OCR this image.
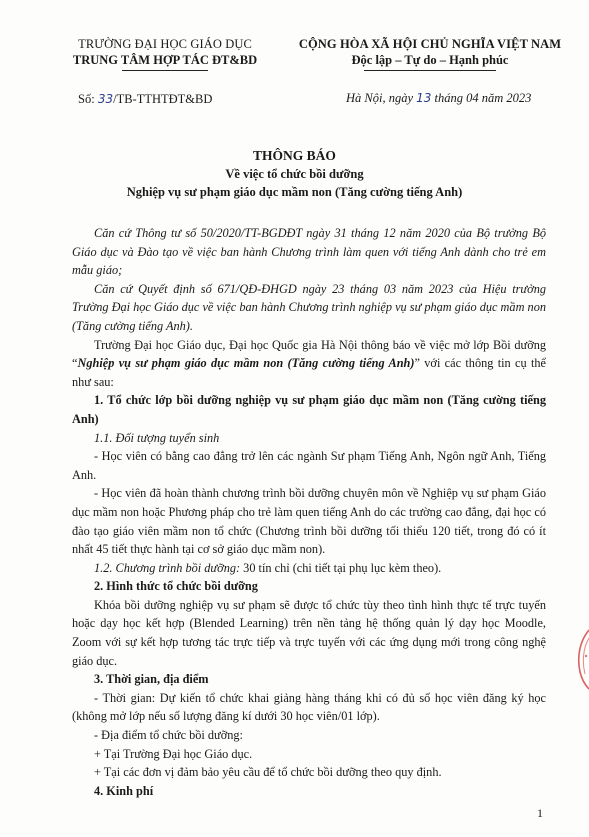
TRƯỜNG ĐẠI HỌC GIÁO DỤC
TRUNG TÂM HỢP TÁC ĐT&BD
CỘNG HÒA XÃ HỘI CHỦ NGHĨA VIỆT NAM
Độc lập – Tự do – Hạnh phúc
Số: 33/TB-TTHTĐT&BD	Hà Nội, ngày 13 tháng 04 năm 2023
THÔNG BÁO
Về việc tổ chức bồi dưỡng
Nghiệp vụ sư phạm giáo dục mầm non (Tăng cường tiếng Anh)

Căn cứ Thông tư số 50/2020/TT-BGDĐT ngày 31 tháng 12 năm 2020 của Bộ trưởng Bộ Giáo dục và Đào tạo về việc ban hành Chương trình làm quen với tiếng Anh dành cho trẻ em mẫu giáo;

Căn cứ Quyết định số 671/QĐ-ĐHGD ngày 23 tháng 03 năm 2023 của Hiệu trưởng Trường Đại học Giáo dục về việc ban hành Chương trình nghiệp vụ sư phạm giáo dục mầm non (Tăng cường tiếng Anh).

Trường Đại học Giáo dục, Đại học Quốc gia Hà Nội thông báo về việc mở lớp Bồi dưỡng “Nghiệp vụ sư phạm giáo dục mầm non (Tăng cường tiếng Anh)” với các thông tin cụ thể như sau:

1. Tổ chức lớp bồi dưỡng nghiệp vụ sư phạm giáo dục mầm non (Tăng cường tiếng Anh)

1.1. Đối tượng tuyển sinh

- Học viên có bằng cao đẳng trở lên các ngành Sư phạm Tiếng Anh, Ngôn ngữ Anh, Tiếng Anh.

- Học viên đã hoàn thành chương trình bồi dưỡng chuyên môn về Nghiệp vụ sư phạm Giáo dục mầm non hoặc Phương pháp cho trẻ làm quen tiếng Anh do các trường cao đẳng, đại học có đào tạo giáo viên mầm non tổ chức (Chương trình bồi dưỡng tối thiểu 120 tiết, trong đó có ít nhất 45 tiết thực hành tại cơ sở giáo dục mầm non).

1.2. Chương trình bồi dưỡng: 30 tín chỉ (chi tiết tại phụ lục kèm theo).

2. Hình thức tổ chức bồi dưỡng

Khóa bồi dưỡng nghiệp vụ sư phạm sẽ được tổ chức tùy theo tình hình thực tế trực tuyến hoặc dạy học kết hợp (Blended Learning) trên nền tảng hệ thống quản lý dạy học Moodle, Zoom với sự kết hợp tương tác trực tiếp và trực tuyến với các ứng dụng mới trong công nghệ giáo dục.

3. Thời gian, địa điểm

- Thời gian: Dự kiến tổ chức khai giảng hàng tháng khi có đủ số học viên đăng ký học (không mở lớp nếu số lượng đăng kí dưới 30 học viên/01 lớp).

- Địa điểm tổ chức bồi dưỡng:

+ Tại Trường Đại học Giáo dục.

+ Tại các đơn vị đảm bảo yêu cầu để tổ chức bồi dưỡng theo quy định.

4. Kinh phí

1
